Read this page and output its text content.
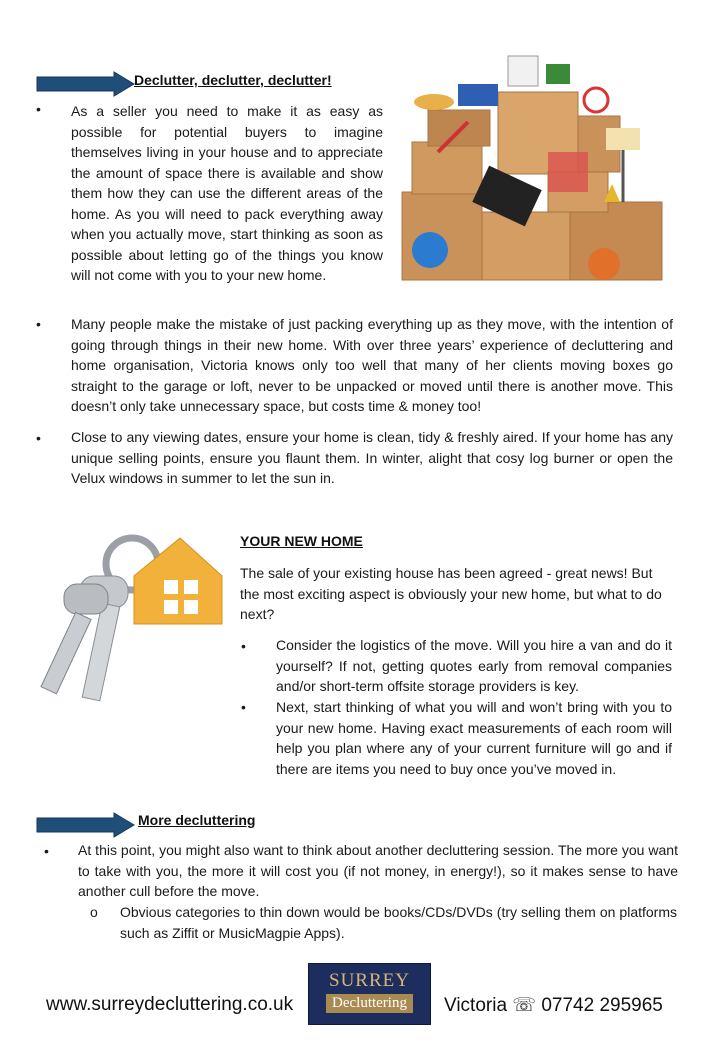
Declutter, declutter, declutter!
• As a seller you need to make it as easy as possible for potential buyers to imagine themselves living in your house and to appreciate the amount of space there is available and show them how they can use the different areas of the home. As you will need to pack everything away when you actually move, start thinking as soon as possible about letting go of the things you know will not come with you to your new home.
• Many people make the mistake of just packing everything up as they move, with the intention of going through things in their new home. With over three years’ experience of decluttering and home organisation, Victoria knows only too well that many of her clients moving boxes go straight to the garage or loft, never to be unpacked or moved until there is another move. This doesn’t only take unnecessary space, but costs time & money too!
• Close to any viewing dates, ensure your home is clean, tidy & freshly aired. If your home has any unique selling points, ensure you flaunt them. In winter, alight that cosy log burner or open the Velux windows in summer to let the sun in.
YOUR NEW HOME
The sale of your existing house has been agreed - great news! But the most exciting aspect is obviously your new home, but what to do next?
• Consider the logistics of the move. Will you hire a van and do it yourself? If not, getting quotes early from removal companies and/or short-term offsite storage providers is key.
• Next, start thinking of what you will and won’t bring with you to your new home. Having exact measurements of each room will help you plan where any of your current furniture will go and if there are items you need to buy once you’ve moved in.
More decluttering
• At this point, you might also want to think about another decluttering session. The more you want to take with you, the more it will cost you (if not money, in energy!), so it makes sense to have another cull before the move.
o Obvious categories to thin down would be books/CDs/DVDs (try selling them on platforms such as Ziffit or MusicMagpie Apps).
www.surreydecluttering.co.uk
SURREY
Decluttering	Victoria ☏ 07742 295965
